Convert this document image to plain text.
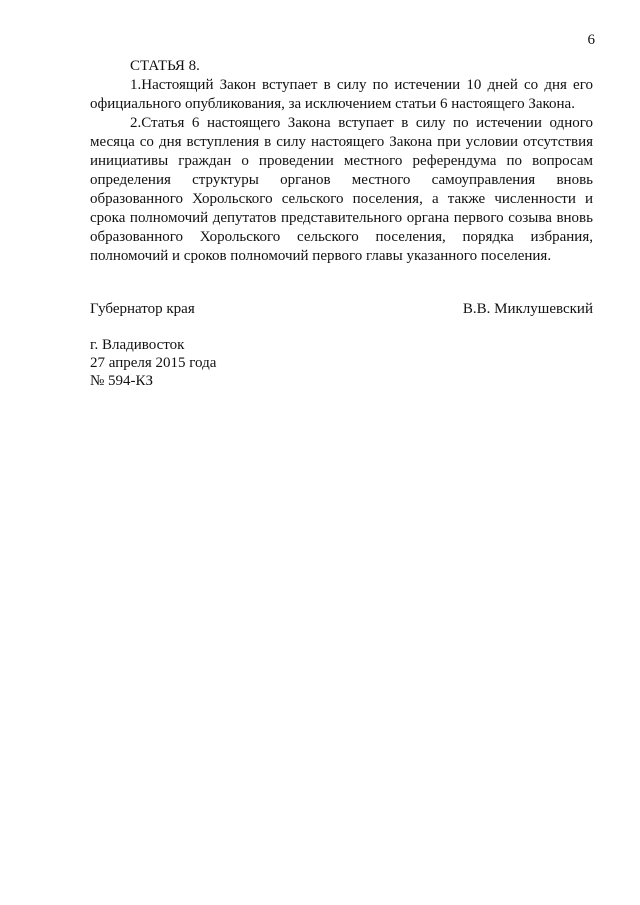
6

СТАТЬЯ 8.

1.Настоящий Закон вступает в силу по истечении 10 дней со дня его официального опубликования, за исключением статьи 6 настоящего Закона.

2.Статья 6 настоящего Закона вступает в силу по истечении одного месяца со дня вступления в силу настоящего Закона при условии отсутствия инициативы граждан о проведении местного референдума по вопросам определения структуры органов местного самоуправления вновь образованного Хорольского сельского поселения, а также численности и срока полномочий депутатов представительного органа первого созыва вновь образованного Хорольского сельского поселения, порядка избрания, полномочий и сроков полномочий первого главы указанного поселения.

Губернатор края	В.В. Миклушевский
г. Владивосток
27 апреля 2015 года
№ 594-КЗ
